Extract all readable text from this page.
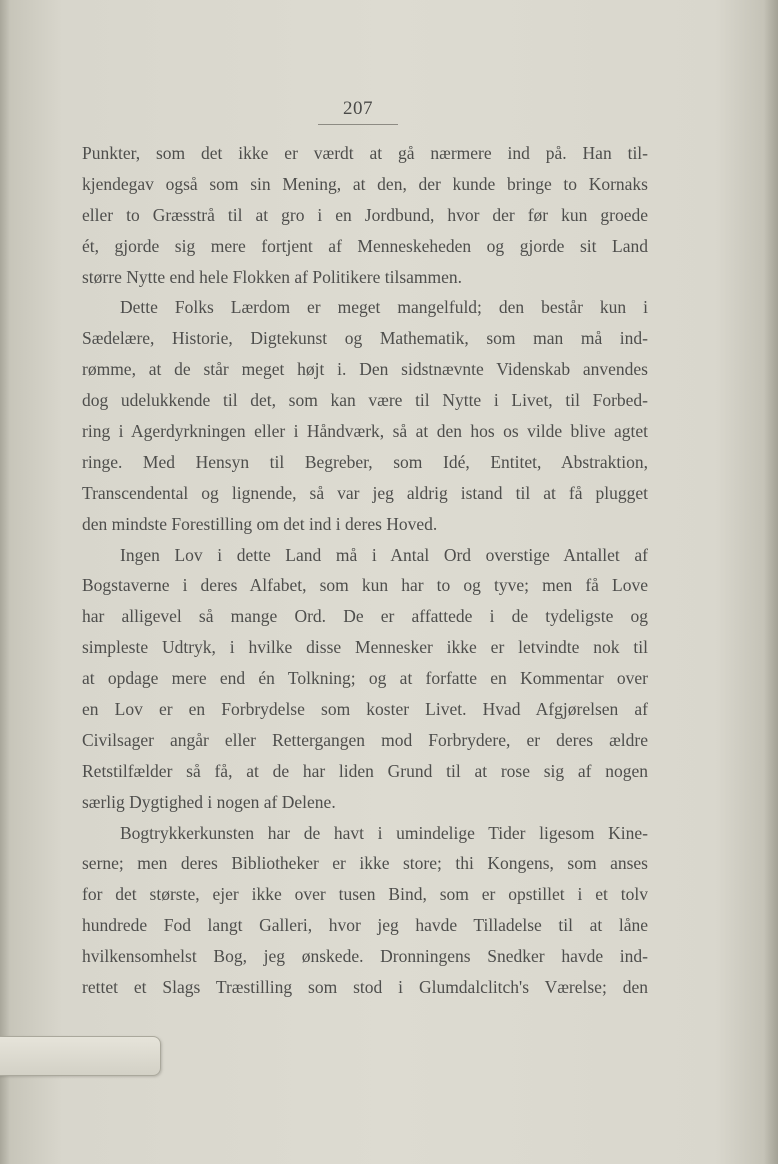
207
Punkter, som det ikke er værdt at gå nærmere ind på. Han til-
kjendegav også som sin Mening, at den, der kunde bringe to Kornaks
eller to Græsstrå til at gro i en Jordbund, hvor der før kun groede
ét, gjorde sig mere fortjent af Menneskeheden og gjorde sit Land
større Nytte end hele Flokken af Politikere tilsammen.
Dette Folks Lærdom er meget mangelfuld; den består kun i
Sædelære, Historie, Digtekunst og Mathematik, som man må ind-
rømme, at de står meget højt i. Den sidstnævnte Videnskab anvendes
dog udelukkende til det, som kan være til Nytte i Livet, til Forbed-
ring i Agerdyrkningen eller i Håndværk, så at den hos os vilde blive agtet
ringe. Med Hensyn til Begreber, som Idé, Entitet, Abstraktion,
Transcendental og lignende, så var jeg aldrig istand til at få plugget
den mindste Forestilling om det ind i deres Hoved.
Ingen Lov i dette Land må i Antal Ord overstige Antallet af
Bogstaverne i deres Alfabet, som kun har to og tyve; men få Love
har alligevel så mange Ord. De er affattede i de tydeligste og
simpleste Udtryk, i hvilke disse Mennesker ikke er letvindte nok til
at opdage mere end én Tolkning; og at forfatte en Kommentar over
en Lov er en Forbrydelse som koster Livet. Hvad Afgjørelsen af
Civilsager angår eller Rettergangen mod Forbrydere, er deres ældre
Retstilfælder så få, at de har liden Grund til at rose sig af nogen
særlig Dygtighed i nogen af Delene.
Bogtrykkerkunsten har de havt i umindelige Tider ligesom Kine-
serne; men deres Bibliotheker er ikke store; thi Kongens, som anses
for det største, ejer ikke over tusen Bind, som er opstillet i et tolv
hundrede Fod langt Galleri, hvor jeg havde Tilladelse til at låne
hvilkensomhelst Bog, jeg ønskede. Dronningens Snedker havde ind-
rettet et Slags Træstilling som stod i Glumdalclitch's Værelse; den
